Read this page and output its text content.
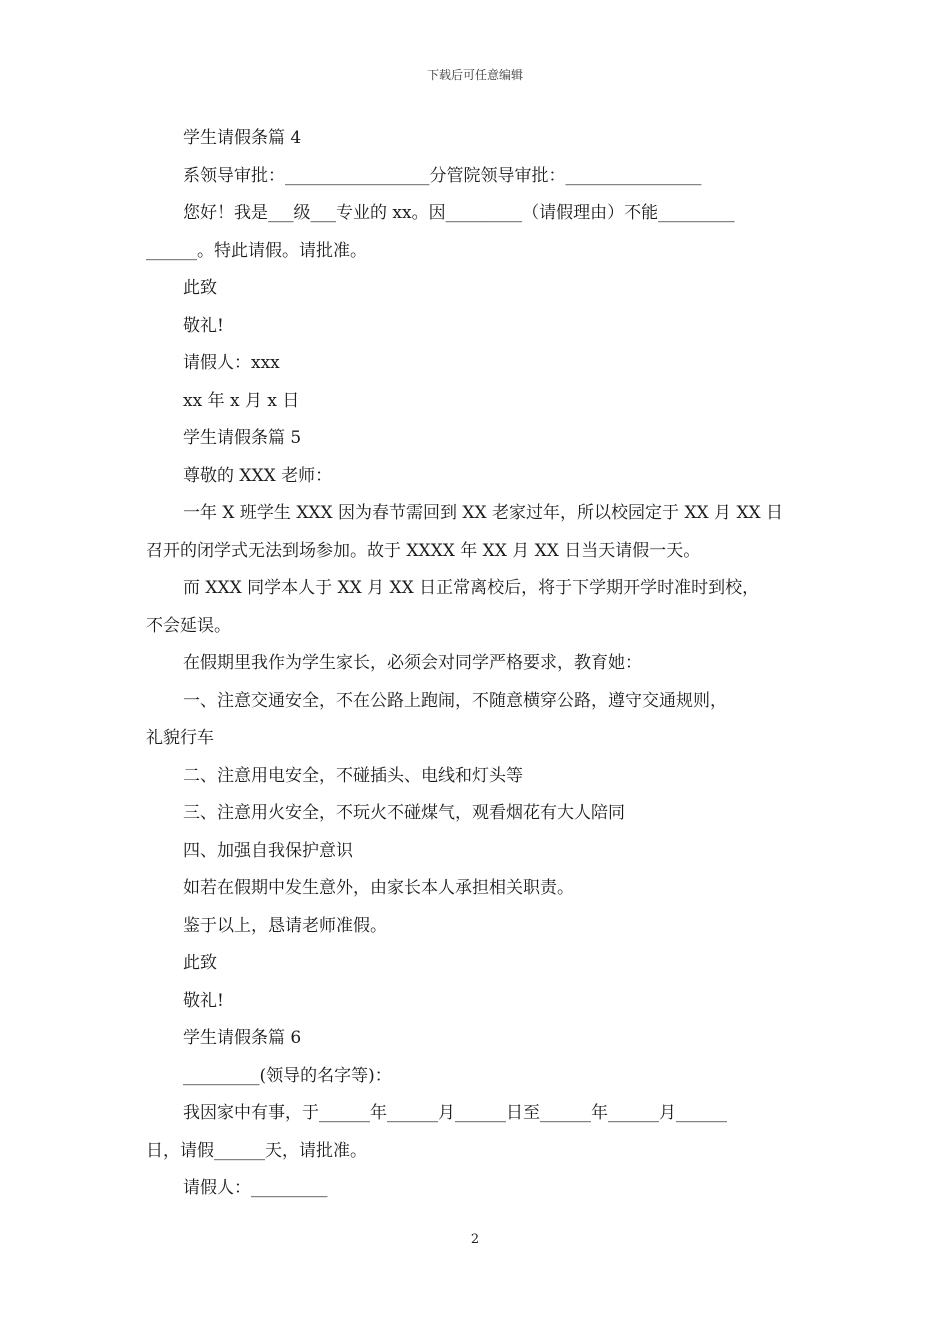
下载后可任意编辑

学生请假条篇 4

系领导审批：_________________分管院领导审批：________________

您好！我是___级___专业的 xx。因_________（请假理由）不能_________

______。特此请假。请批准。

此致

敬礼!

请假人：xxx

xx 年 x 月 x 日

学生请假条篇 5

尊敬的 XXX 老师：

一年 X 班学生 XXX 因为春节需回到 XX 老家过年，所以校园定于 XX 月 XX 日

召开的闭学式无法到场参加。故于 XXXX 年 XX 月 XX 日当天请假一天。

而 XXX 同学本人于 XX 月 XX 日正常离校后，将于下学期开学时准时到校，

不会延误。

在假期里我作为学生家长，必须会对同学严格要求，教育她：

一、注意交通安全，不在公路上跑闹，不随意横穿公路，遵守交通规则，

礼貌行车

二、注意用电安全，不碰插头、电线和灯头等

三、注意用火安全，不玩火不碰煤气，观看烟花有大人陪同

四、加强自我保护意识

如若在假期中发生意外，由家长本人承担相关职责。

鉴于以上，恳请老师准假。

此致

敬礼!

学生请假条篇 6

_________(领导的名字等)：

我因家中有事，于______年______月______日至______年______月______

日，请假______天，请批准。

请假人：_________

2
